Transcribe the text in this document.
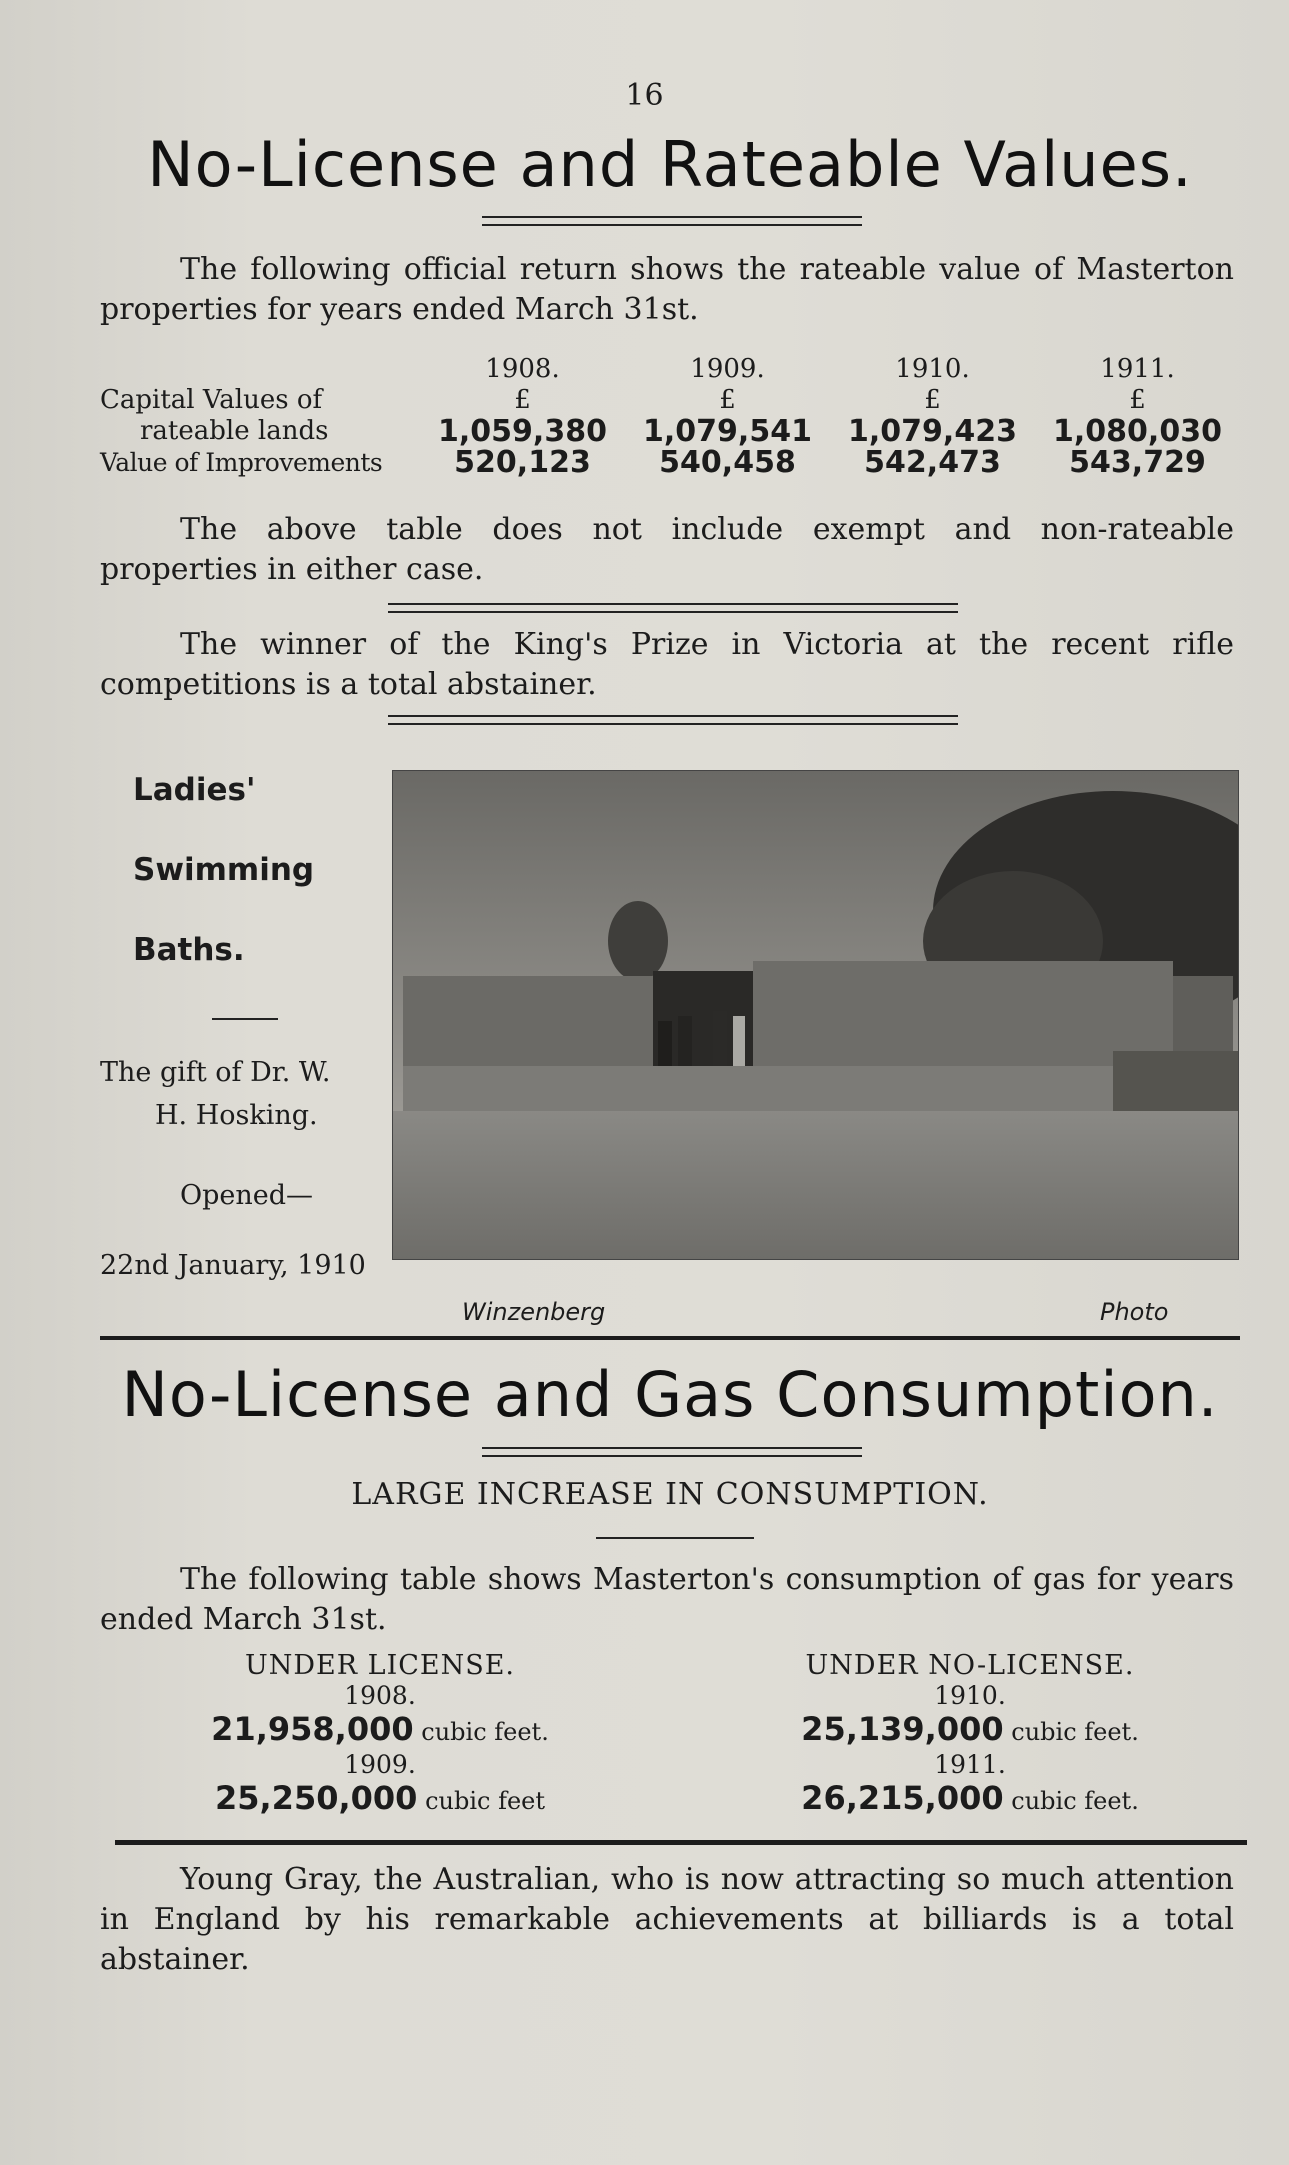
16
No-License and Rateable Values.
The following official return shows the rateable value of Masterton properties for years ended March 31st.
	1908.	1909.	1910.	1911.
Capital Values of	£	£	£	£
rateable lands	1,059,380	1,079,541	1,079,423	1,080,030
Value of Improvements	520,123	540,458	542,473	543,729
The above table does not include exempt and non-rateable properties in either case.
The winner of the King's Prize in Victoria at the recent rifle competitions is a total abstainer.
Ladies'
Swimming
Baths.
The gift of Dr. W.
H. Hosking.
Opened—
22nd January, 1910
Winzenberg	Photo
No-License and Gas Consumption.
LARGE INCREASE IN CONSUMPTION.
The following table shows Masterton's consumption of gas for years ended March 31st.
UNDER LICENSE.
1908.
21,958,000 cubic feet.
1909.
25,250,000 cubic feet
UNDER NO-LICENSE.
1910.
25,139,000 cubic feet.
1911.
26,215,000 cubic feet.
Young Gray, the Australian, who is now attracting so much attention in England by his remarkable achievements at billiards is a total abstainer.
